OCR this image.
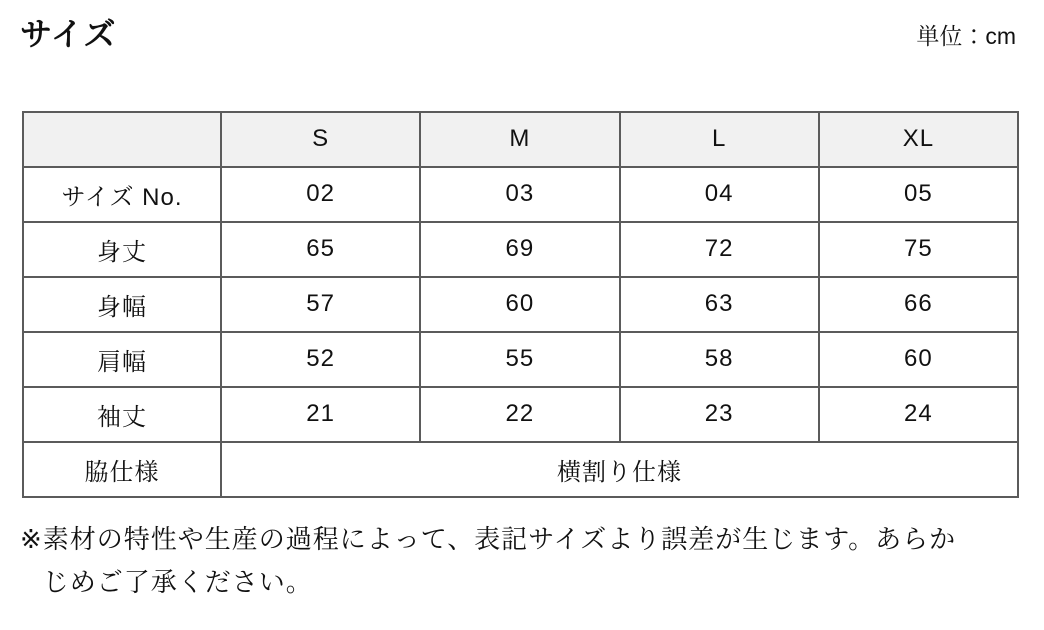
サイズ	単位：cm
	S	M	L	XL
サイズ No.	02	03	04	05
身丈	65	69	72	75
身幅	57	60	63	66
肩幅	52	55	58	60
袖丈	21	22	23	24
脇仕様	横割り仕様			
※ 素材の特性や生産の過程によって、表記サイズより誤差が生じます。あらかじめご了承ください。
